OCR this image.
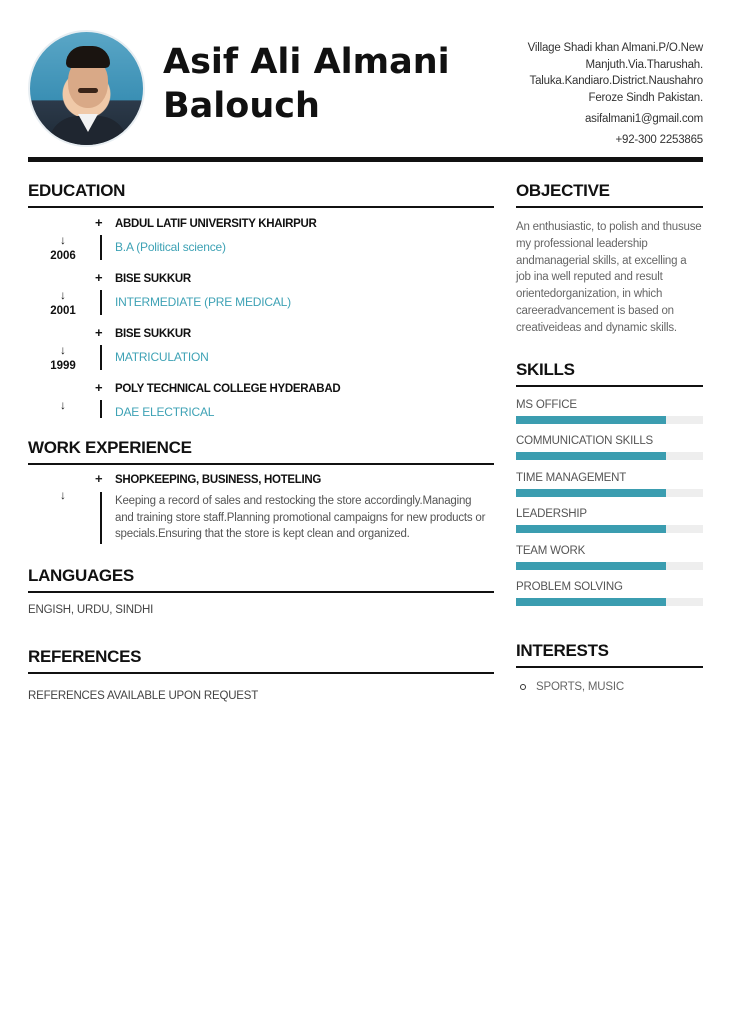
Asif Ali Almani
Balouch
Village Shadi khan Almani.P/O.New Manjuth.Via.Tharushah. Taluka.Kandiaro.District.Naushahro Feroze Sindh Pakistan.
asifalmani1@gmail.com
+92-300 2253865
EDUCATION
+ ABDUL LATIF UNIVERSITY KHAIRPUR
↓
2006
B.A (Political science)
+ BISE SUKKUR
↓
2001
INTERMEDIATE (PRE MEDICAL)
+ BISE SUKKUR
↓
1999
MATRICULATION
+ POLY TECHNICAL COLLEGE HYDERABAD
↓	DAE ELECTRICAL
WORK EXPERIENCE
+ SHOPKEEPING, BUSINESS, HOTELING
↓	Keeping a record of sales and restocking the store accordingly.Managing and training store staff.Planning promotional campaigns for new products or specials.Ensuring that the store is kept clean and organized.
LANGUAGES
ENGISH, URDU, SINDHI
REFERENCES
REFERENCES AVAILABLE UPON REQUEST
OBJECTIVE
An enthusiastic, to polish and thususe my professional leadership andmanagerial skills, at excelling a job ina well reputed and result orientedorganization, in which careeradvancement is based on creativeideas and dynamic skills.
SKILLS
MS OFFICE
COMMUNICATION SKILLS
TIME MANAGEMENT
LEADERSHIP
TEAM WORK
PROBLEM SOLVING
INTERESTS
SPORTS, MUSIC
